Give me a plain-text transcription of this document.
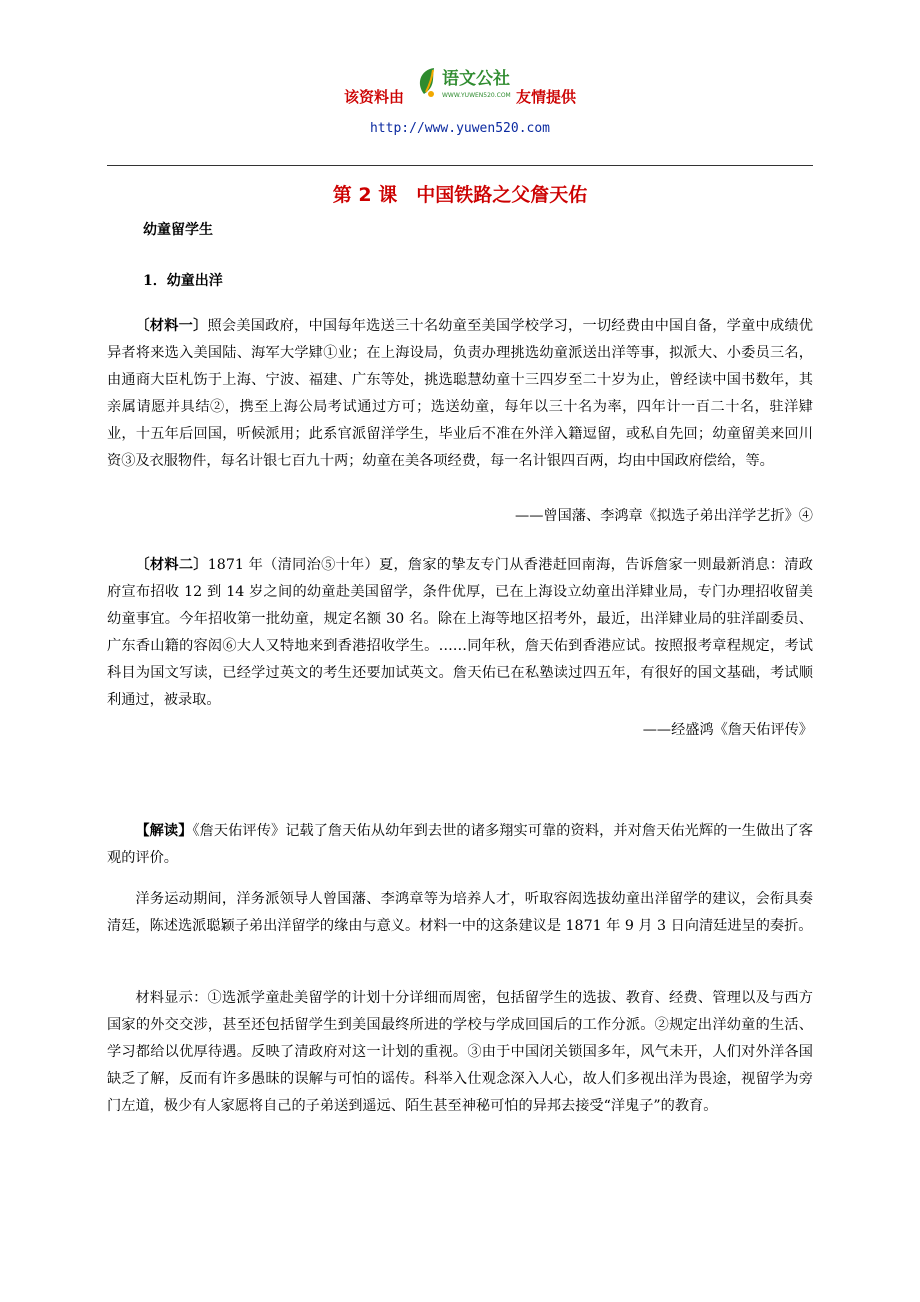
该资料由	友情提供
语文公社
WWW.YUWEN520.COM
http://www.yuwen520.com
第 2 课　中国铁路之父詹天佑
幼童留学生
1．幼童出洋

〔材料一〕照会美国政府，中国每年选送三十名幼童至美国学校学习，一切经费由中国自备，学童中成绩优异者将来选入美国陆、海军大学肄①业；在上海设局，负责办理挑选幼童派送出洋等事，拟派大、小委员三名，由通商大臣札饬于上海、宁波、福建、广东等处，挑选聪慧幼童十三四岁至二十岁为止，曾经读中国书数年，其亲属请愿并具结②，携至上海公局考试通过方可；选送幼童，每年以三十名为率，四年计一百二十名，驻洋肄业，十五年后回国，听候派用；此系官派留洋学生，毕业后不准在外洋入籍逗留，或私自先回；幼童留美来回川资③及衣服物件，每名计银七百九十两；幼童在美各项经费，每一名计银四百两，均由中国政府偿给，等。

——曾国藩、李鸿章《拟选子弟出洋学艺折》④

〔材料二〕1871 年（清同治⑤十年）夏，詹家的挚友专门从香港赶回南海，告诉詹家一则最新消息：清政府宣布招收 12 到 14 岁之间的幼童赴美国留学，条件优厚，已在上海设立幼童出洋肄业局，专门办理招收留美幼童事宜。今年招收第一批幼童，规定名额 30 名。除在上海等地区招考外，最近，出洋肄业局的驻洋副委员、广东香山籍的容闳⑥大人又特地来到香港招收学生。……同年秋，詹天佑到香港应试。按照报考章程规定，考试科目为国文写读，已经学过英文的考生还要加试英文。詹天佑已在私塾读过四五年，有很好的国文基础，考试顺利通过，被录取。

——经盛鸿《詹天佑评传》

【解读】《詹天佑评传》记载了詹天佑从幼年到去世的诸多翔实可靠的资料，并对詹天佑光辉的一生做出了客观的评价。

洋务运动期间，洋务派领导人曾国藩、李鸿章等为培养人才，听取容闳选拔幼童出洋留学的建议，会衔具奏清廷，陈述选派聪颖子弟出洋留学的缘由与意义。材料一中的这条建议是 1871 年 9 月 3 日向清廷进呈的奏折。

材料显示：①选派学童赴美留学的计划十分详细而周密，包括留学生的选拔、教育、经费、管理以及与西方国家的外交交涉，甚至还包括留学生到美国最终所进的学校与学成回国后的工作分派。②规定出洋幼童的生活、学习都给以优厚待遇。反映了清政府对这一计划的重视。③由于中国闭关锁国多年，风气未开，人们对外洋各国缺乏了解，反而有许多愚昧的误解与可怕的谣传。科举入仕观念深入人心，故人们多视出洋为畏途，视留学为旁门左道，极少有人家愿将自己的子弟送到遥远、陌生甚至神秘可怕的异邦去接受“洋鬼子”的教育。
